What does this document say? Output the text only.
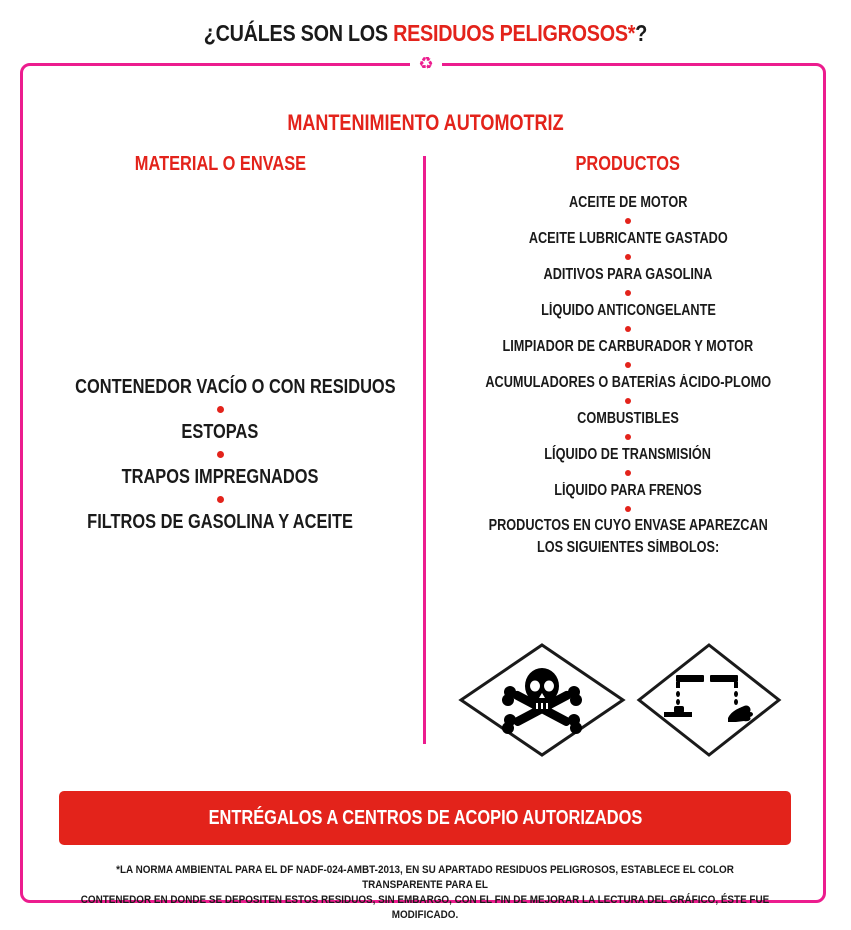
¿CUÁLES SON LOS RESIDUOS PELIGROSOS*?
♻
MANTENIMIENTO AUTOMOTRIZ
MATERIAL O ENVASE	PRODUCTOS
CONTENEDOR VACÍO O CON RESIDUOS
ESTOPAS
TRAPOS IMPREGNADOS
FILTROS DE GASOLINA Y ACEITE
ACEITE DE MOTOR
ACEITE LUBRICANTE GASTADO
ADITIVOS PARA GASOLINA
LÍQUIDO ANTICONGELANTE
LIMPIADOR DE CARBURADOR Y MOTOR
ACUMULADORES O BATERÍAS ÁCIDO-PLOMO
COMBUSTIBLES
LÍQUIDO DE TRANSMISIÓN
LÍQUIDO PARA FRENOS
PRODUCTOS EN CUYO ENVASE APAREZCAN
LOS SIGUIENTES SÍMBOLOS:
ENTRÉGALOS A CENTROS DE ACOPIO AUTORIZADOS
*LA NORMA AMBIENTAL PARA EL DF NADF-024-AMBT-2013, EN SU APARTADO RESIDUOS PELIGROSOS, ESTABLECE EL COLOR TRANSPARENTE PARA EL
CONTENEDOR EN DONDE SE DEPOSITEN ESTOS RESIDUOS, SIN EMBARGO, CON EL FIN DE MEJORAR LA LECTURA DEL GRÁFICO, ÉSTE FUE MODIFICADO.
